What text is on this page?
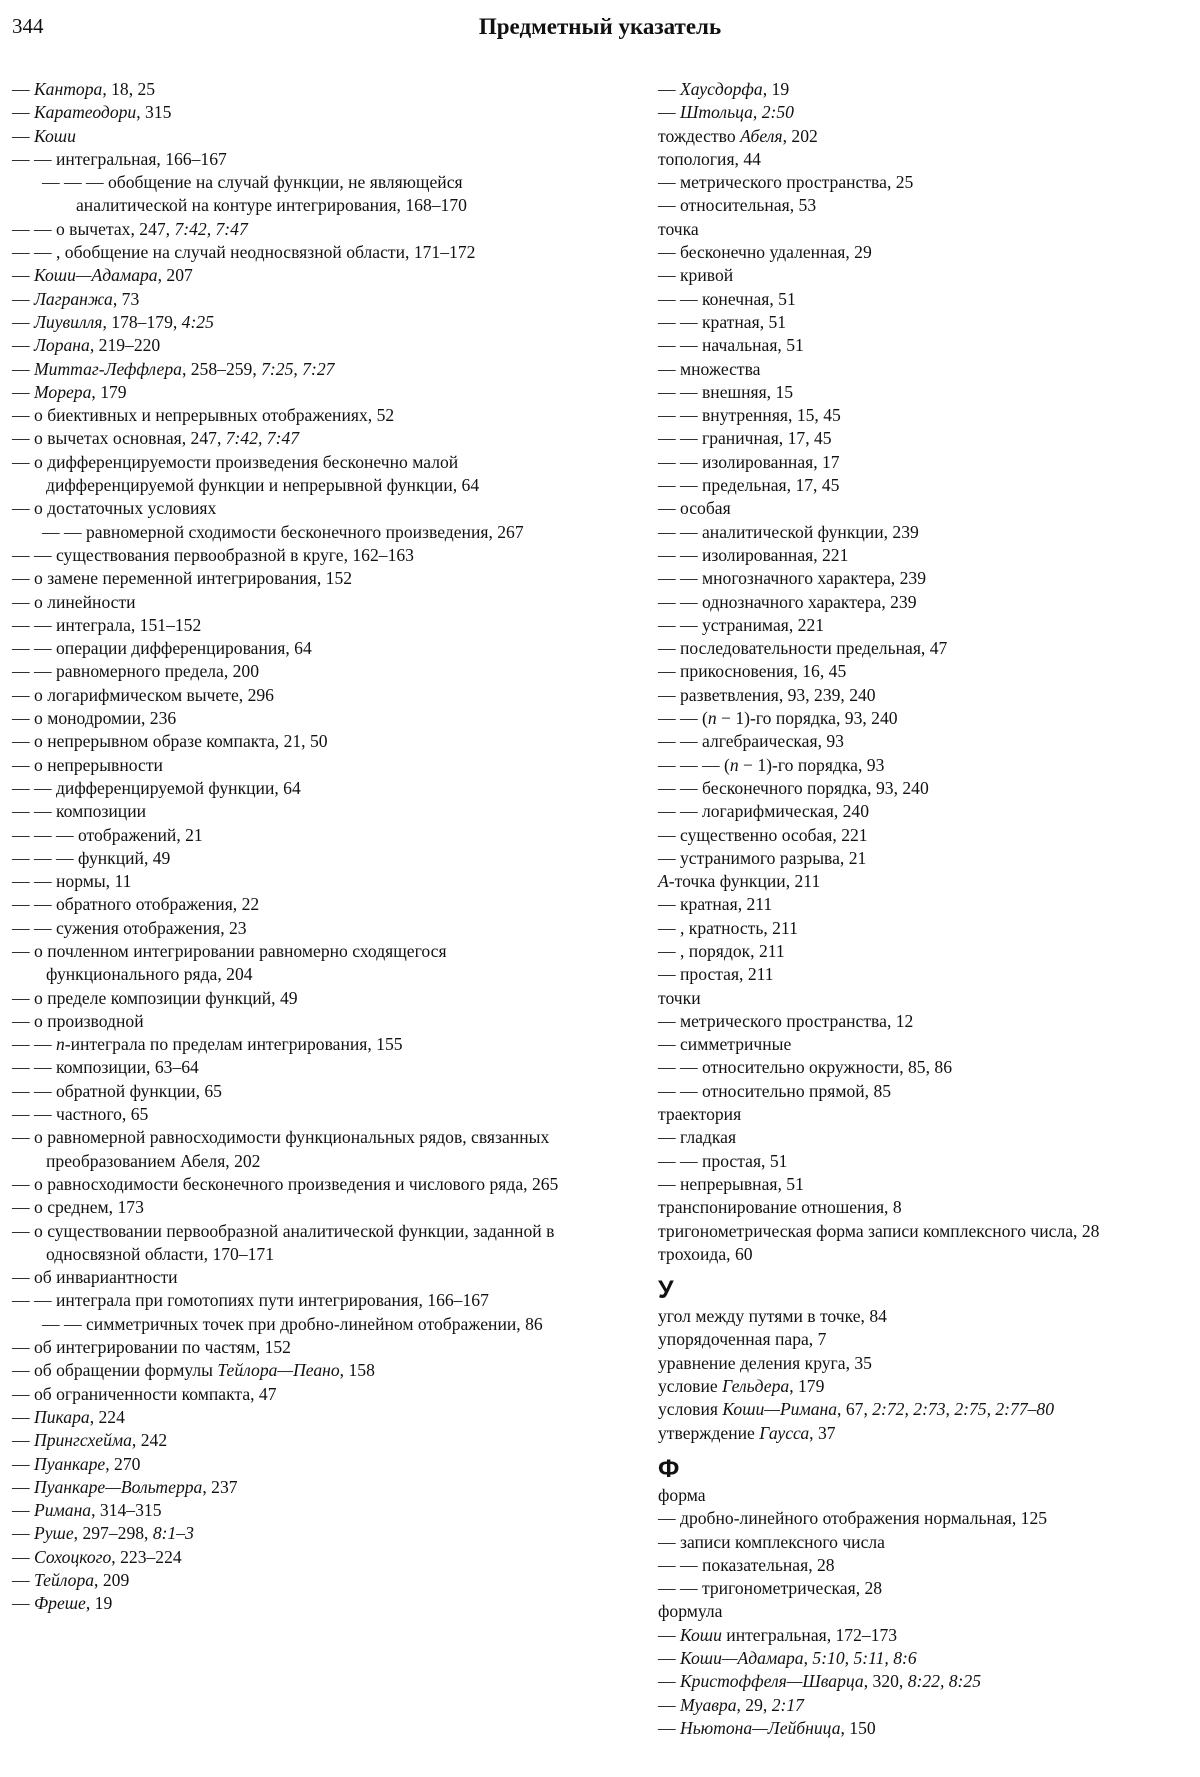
344	Предметный указатель
— Кантора, 18, 25
— Каратеодори, 315
— Коши
— — интегральная, 166–167
— — — обобщение на случай функции, не являющейся аналитической на контуре интегрирования, 168–170
— — о вычетах, 247, 7:42, 7:47
— — , обобщение на случай неодносвязной области, 171–172
— Коши—Адамара, 207
— Лагранжа, 73
— Лиувилля, 178–179, 4:25
— Лорана, 219–220
— Миттаг-Леффлера, 258–259, 7:25, 7:27
— Морера, 179
— о биективных и непрерывных отображениях, 52
— о вычетах основная, 247, 7:42, 7:47
— о дифференцируемости произведения бесконечно малой дифференцируемой функции и непрерывной функции, 64
— о достаточных условиях
— — равномерной сходимости бесконечного произведения, 267
— — существования первообразной в круге, 162–163
— о замене переменной интегрирования, 152
— о линейности
— — интеграла, 151–152
— — операции дифференцирования, 64
— — равномерного предела, 200
— о логарифмическом вычете, 296
— о монодромии, 236
— о непрерывном образе компакта, 21, 50
— о непрерывности
— — дифференцируемой функции, 64
— — композиции
— — — отображений, 21
— — — функций, 49
— — нормы, 11
— — обратного отображения, 22
— — сужения отображения, 23
— о почленном интегрировании равномерно сходящегося функционального ряда, 204
— о пределе композиции функций, 49
— о производной
— — n-интеграла по пределам интегрирования, 155
— — композиции, 63–64
— — обратной функции, 65
— — частного, 65
— о равномерной равносходимости функциональных рядов, связанных преобразованием Абеля, 202
— о равносходимости бесконечного произведения и числового ряда, 265
— о среднем, 173
— о существовании первообразной аналитической функции, заданной в односвязной области, 170–171
— об инвариантности
— — интеграла при гомотопиях пути интегрирования, 166–167
— — симметричных точек при дробно-линейном отображении, 86
— об интегрировании по частям, 152
— об обращении формулы Тейлора—Пеано, 158
— об ограниченности компакта, 47
— Пикара, 224
— Прингсхейма, 242
— Пуанкаре, 270
— Пуанкаре—Вольтерра, 237
— Римана, 314–315
— Руше, 297–298, 8:1–3
— Сохоцкого, 223–224
— Тейлора, 209
— Фреше, 19
— Хаусдорфа, 19
— Штольца, 2:50
тождество Абеля, 202
топология, 44
— метрического пространства, 25
— относительная, 53
точка
— бесконечно удаленная, 29
— кривой
— — конечная, 51
— — кратная, 51
— — начальная, 51
— множества
— — внешняя, 15
— — внутренняя, 15, 45
— — граничная, 17, 45
— — изолированная, 17
— — предельная, 17, 45
— особая
— — аналитической функции, 239
— — изолированная, 221
— — многозначного характера, 239
— — однозначного характера, 239
— — устранимая, 221
— последовательности предельная, 47
— прикосновения, 16, 45
— разветвления, 93, 239, 240
— — (n − 1)-го порядка, 93, 240
— — алгебраическая, 93
— — — (n − 1)-го порядка, 93
— — бесконечного порядка, 93, 240
— — логарифмическая, 240
— существенно особая, 221
— устранимого разрыва, 21
A-точка функции, 211
— кратная, 211
— , кратность, 211
— , порядок, 211
— простая, 211
точки
— метрического пространства, 12
— симметричные
— — относительно окружности, 85, 86
— — относительно прямой, 85
траектория
— гладкая
— — простая, 51
— непрерывная, 51
транспонирование отношения, 8
тригонометрическая форма записи комплексного числа, 28
трохоида, 60
У
угол между путями в точке, 84
упорядоченная пара, 7
уравнение деления круга, 35
условие Гельдера, 179
условия Коши—Римана, 67, 2:72, 2:73, 2:75, 2:77–80
утверждение Гаусса, 37
Ф
форма
— дробно-линейного отображения нормальная, 125
— записи комплексного числа
— — показательная, 28
— — тригонометрическая, 28
формула
— Коши интегральная, 172–173
— Коши—Адамара, 5:10, 5:11, 8:6
— Кристоффеля—Шварца, 320, 8:22, 8:25
— Муавра, 29, 2:17
— Ньютона—Лейбница, 150
